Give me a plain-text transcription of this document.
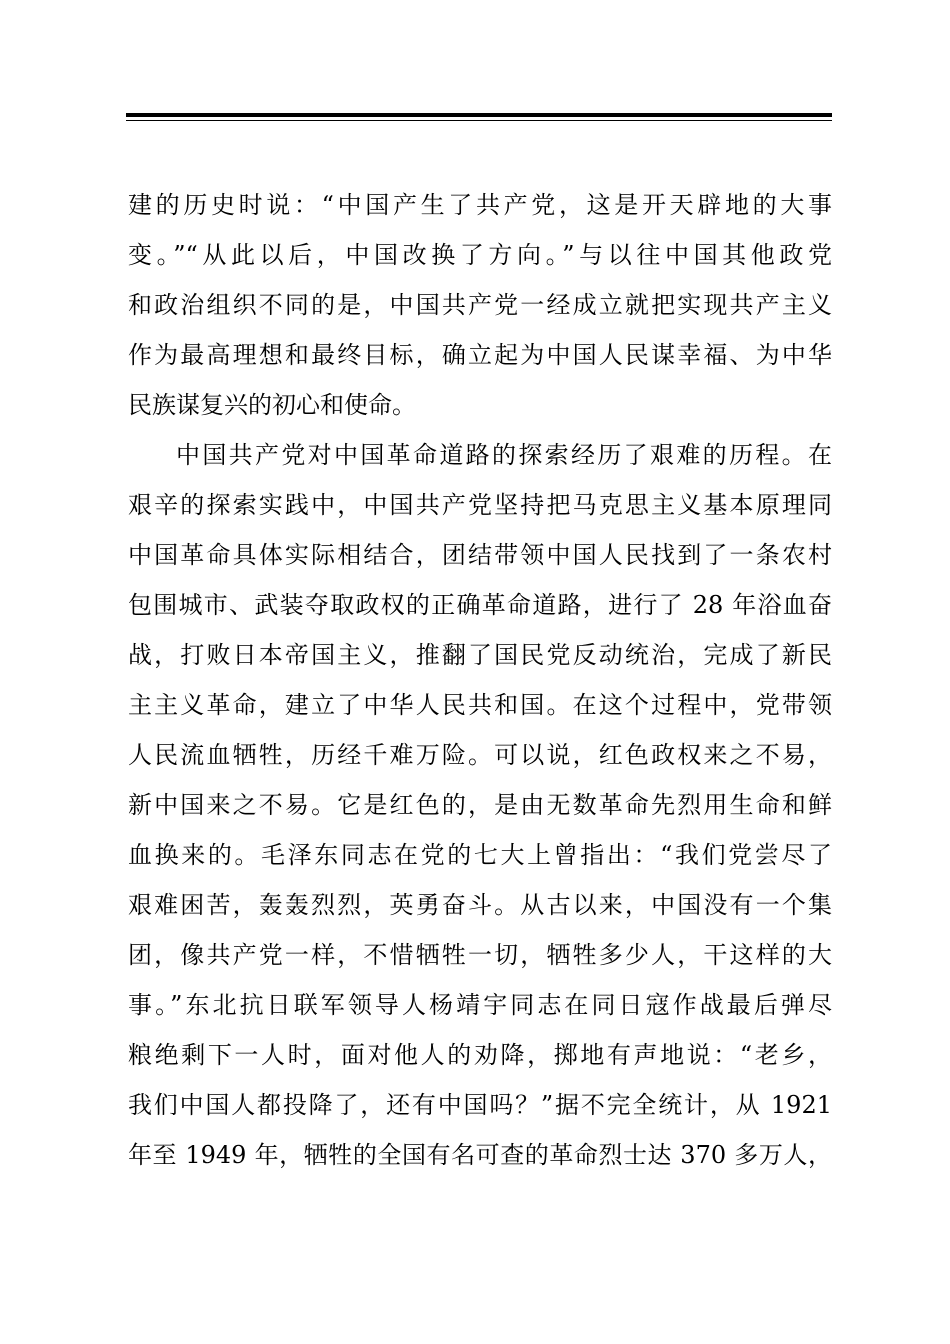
建的历史时说：“中国产生了共产党，这是开天辟地的大事
变。”“从此以后，中国改换了方向。”与以往中国其他政党
和政治组织不同的是，中国共产党一经成立就把实现共产主义
作为最高理想和最终目标，确立起为中国人民谋幸福、为中华
民族谋复兴的初心和使命。
中国共产党对中国革命道路的探索经历了艰难的历程。在
艰辛的探索实践中，中国共产党坚持把马克思主义基本原理同
中国革命具体实际相结合，团结带领中国人民找到了一条农村
包围城市、武装夺取政权的正确革命道路，进行了 28 年浴血奋
战，打败日本帝国主义，推翻了国民党反动统治，完成了新民
主主义革命，建立了中华人民共和国。在这个过程中，党带领
人民流血牺牲，历经千难万险。可以说，红色政权来之不易，
新中国来之不易。它是红色的，是由无数革命先烈用生命和鲜
血换来的。毛泽东同志在党的七大上曾指出：“我们党尝尽了
艰难困苦，轰轰烈烈，英勇奋斗。从古以来，中国没有一个集
团，像共产党一样，不惜牺牲一切，牺牲多少人，干这样的大
事。”东北抗日联军领导人杨靖宇同志在同日寇作战最后弹尽
粮绝剩下一人时，面对他人的劝降，掷地有声地说：“老乡，
我们中国人都投降了，还有中国吗？”据不完全统计，从 1921
年至 1949 年，牺牲的全国有名可查的革命烈士达 370 多万人，
